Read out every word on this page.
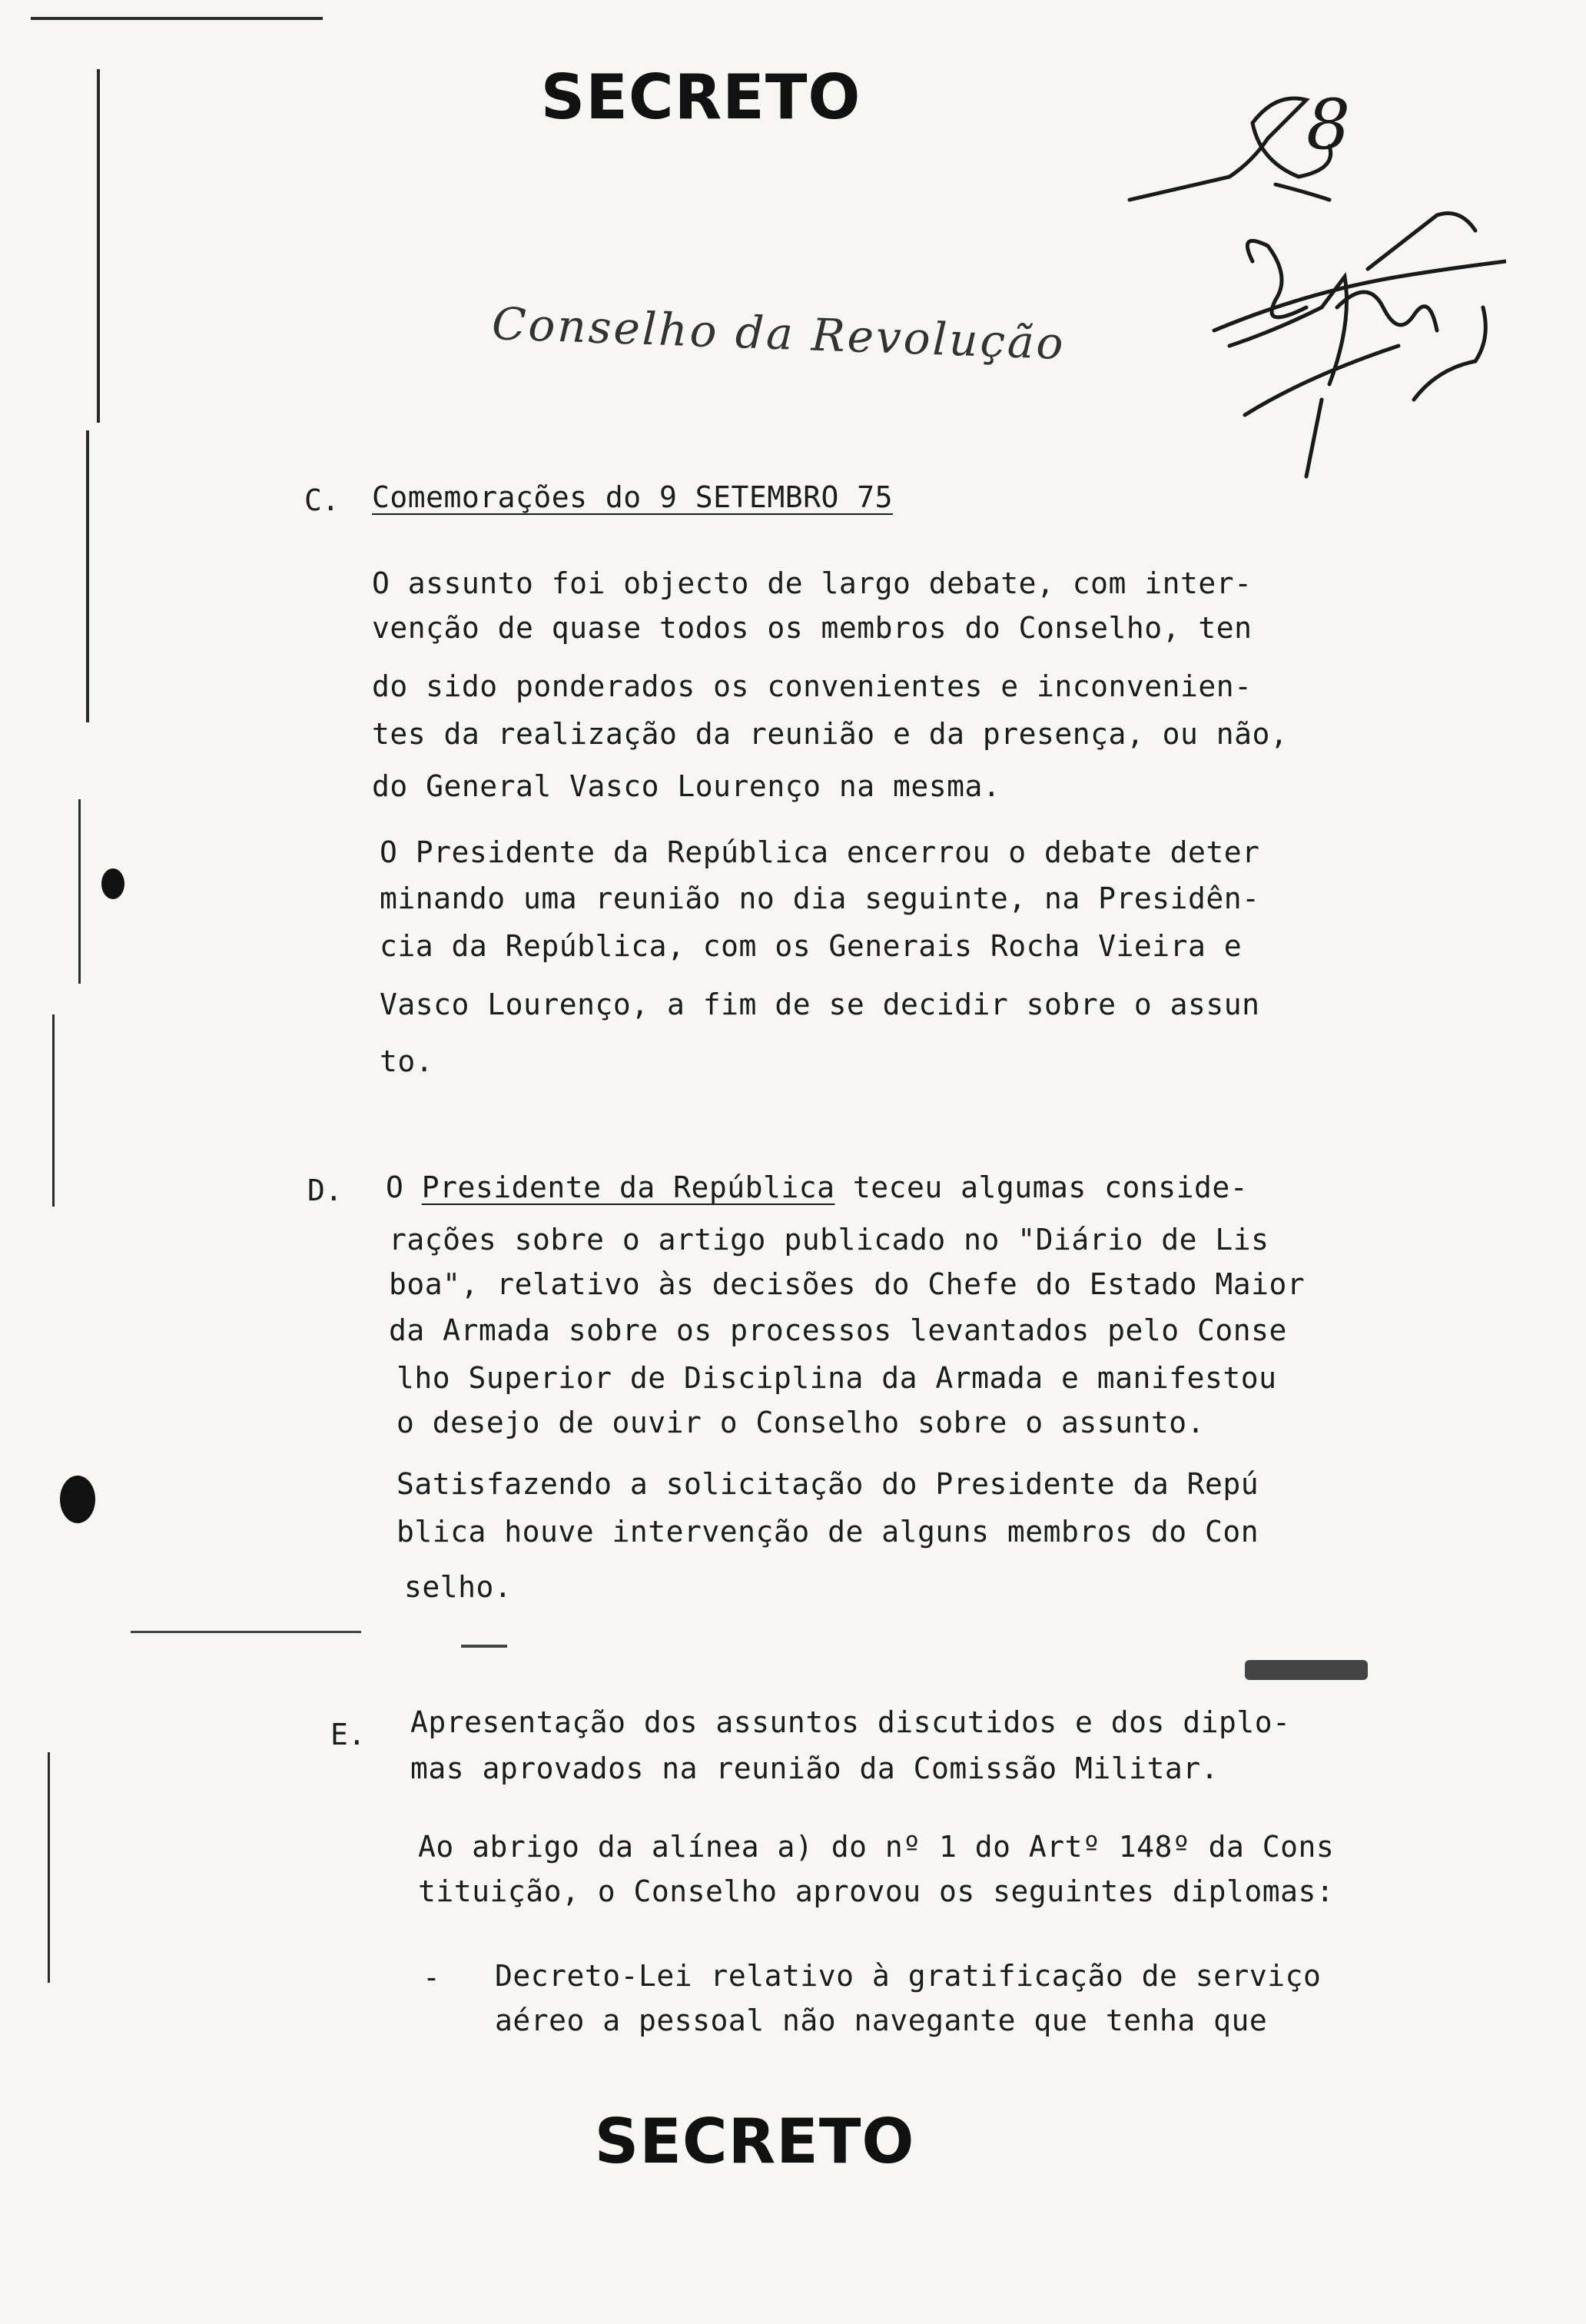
SECRETO
Conselho da Revolução
8
C. Comemorações do 9 SETEMBRO 75
O assunto foi objecto de largo debate, com inter-
venção de quase todos os membros do Conselho, ten
do sido ponderados os convenientes e inconvenien-
tes da realização da reunião e da presença, ou não,
do General Vasco Lourenço na mesma.
O Presidente da República encerrou o debate deter
minando uma reunião no dia seguinte, na Presidên-
cia da República, com os Generais Rocha Vieira e
Vasco Lourenço, a fim de se decidir sobre o assun
to.
D. O Presidente da República teceu algumas conside-
rações sobre o artigo publicado no "Diário de Lis
boa", relativo às decisões do Chefe do Estado Maior
da Armada sobre os processos levantados pelo Conse
lho Superior de Disciplina da Armada e manifestou
o desejo de ouvir o Conselho sobre o assunto.
Satisfazendo a solicitação do Presidente da Repú
blica houve intervenção de alguns membros do Con
selho.
E. Apresentação dos assuntos discutidos e dos diplo-
mas aprovados na reunião da Comissão Militar.
Ao abrigo da alínea a) do nº 1 do Artº 148º da Cons
tituição, o Conselho aprovou os seguintes diplomas:
- Decreto-Lei relativo à gratificação de serviço
aéreo a pessoal não navegante que tenha que
SECRETO
